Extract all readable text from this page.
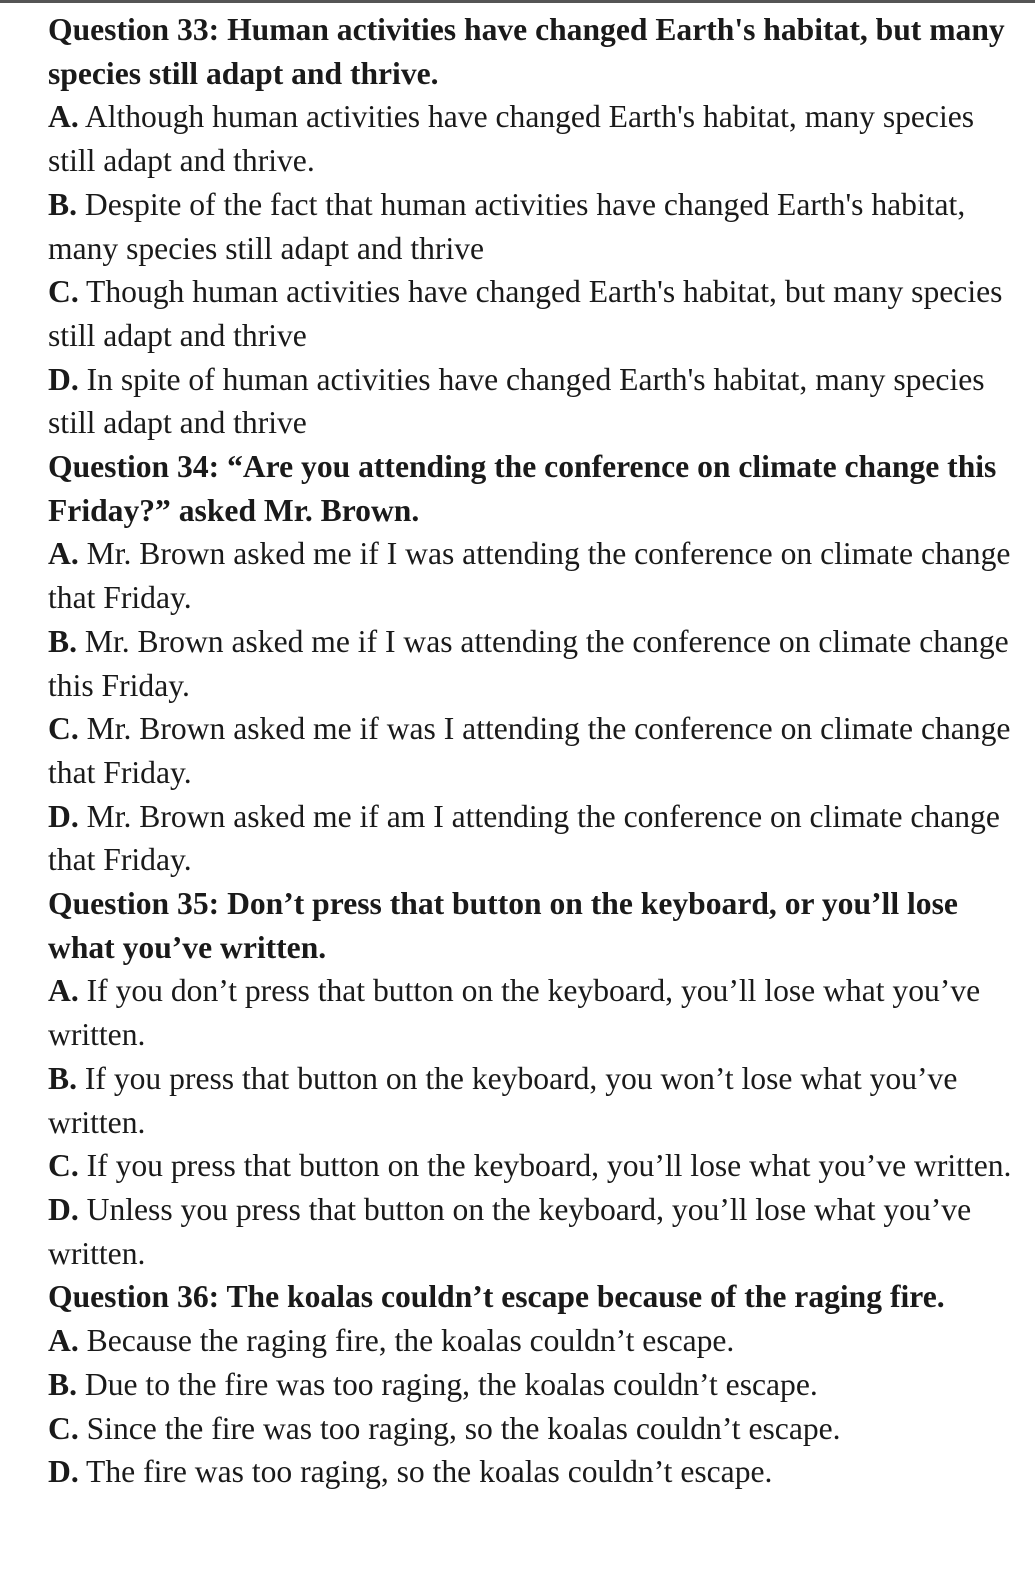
Question 33: Human activities have changed Earth's habitat, but many species still adapt and thrive.

A. Although human activities have changed Earth's habitat, many species still adapt and thrive.

B. Despite of the fact that human activities have changed Earth's habitat, many species still adapt and thrive

C. Though human activities have changed Earth's habitat, but many species still adapt and thrive

D. In spite of human activities have changed Earth's habitat, many species still adapt and thrive

Question 34: “Are you attending the conference on climate change this Friday?” asked Mr. Brown.

A. Mr. Brown asked me if I was attending the conference on climate change that Friday.

B. Mr. Brown asked me if I was attending the conference on climate change this Friday.

C. Mr. Brown asked me if was I attending the conference on climate change that Friday.

D. Mr. Brown asked me if am I attending the conference on climate change that Friday.

Question 35: Don’t press that button on the keyboard, or you’ll lose what you’ve written.

A. If you don’t press that button on the keyboard, you’ll lose what you’ve written.

B. If you press that button on the keyboard, you won’t lose what you’ve written.

C. If you press that button on the keyboard, you’ll lose what you’ve written.

D. Unless you press that button on the keyboard, you’ll lose what you’ve written.

Question 36: The koalas couldn’t escape because of the raging fire.

A. Because the raging fire, the koalas couldn’t escape.

B. Due to the fire was too raging, the koalas couldn’t escape.

C. Since the fire was too raging, so the koalas couldn’t escape.

D. The fire was too raging, so the koalas couldn’t escape.
